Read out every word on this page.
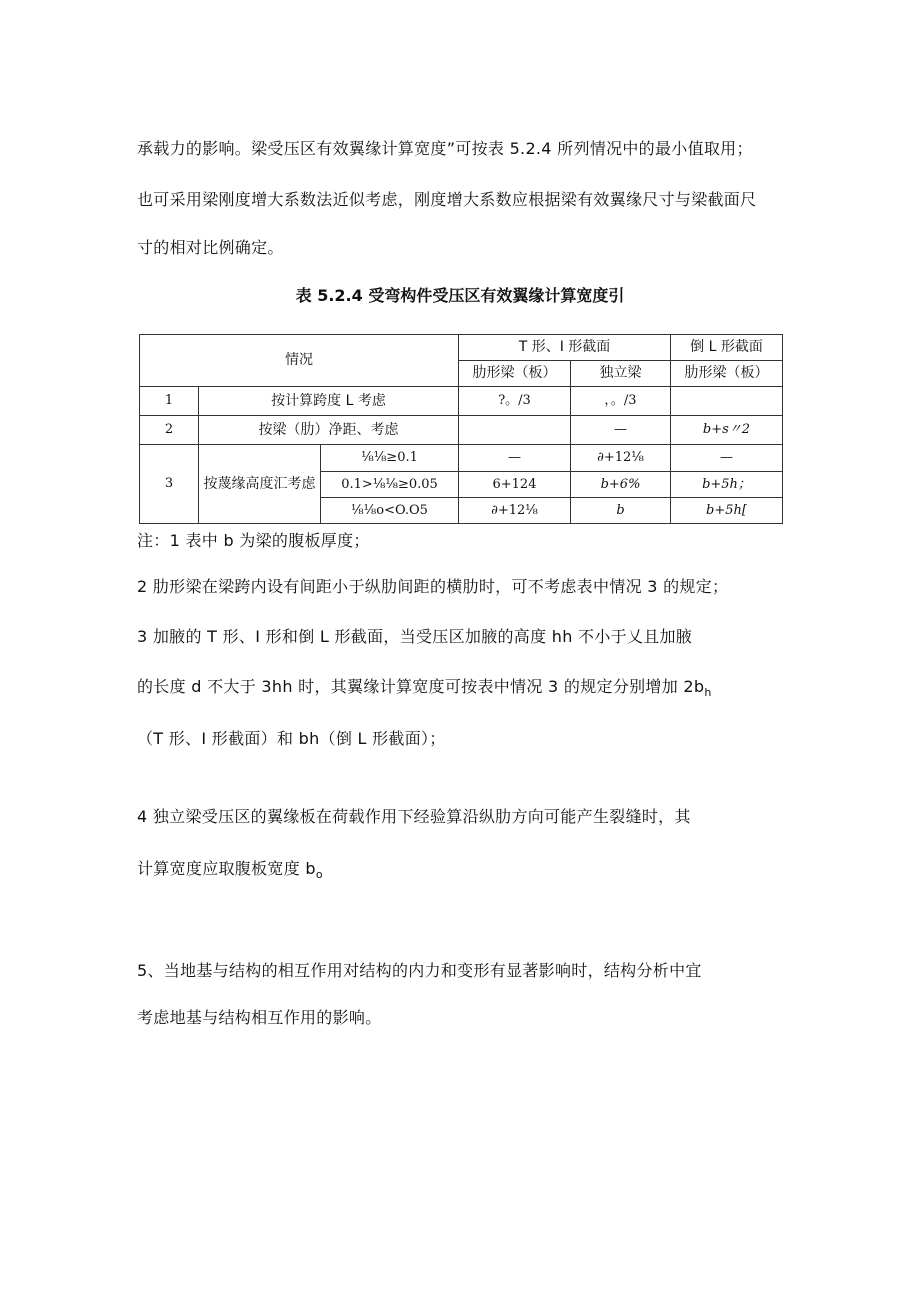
承载力的影响。梁受压区有效翼缘计算宽度”可按表 5.2.4 所列情况中的最小值取用；
也可采用梁刚度增大系数法近似考虑，刚度增大系数应根据梁有效翼缘尺寸与梁截面尺
寸的相对比例确定。
表 5.2.4 受弯构件受压区有效翼缘计算宽度引
情况			T 形、I 形截面		倒 L 形截面
			肋形梁（板）	独立梁	肋形梁（板）
1	按计算跨度 L 考虑		?。/3	，。/3	
2	按梁（肋）净距、考虑			—	b+s〃2
3	按蔑缘高度汇考虑	⅛⅛≥0.1	—	∂+12⅛	—
		0.1>⅛⅛≥0.05	6+124	b+6%	b+5h；
		⅛⅛o<O.O5	∂+12⅛	b	b+5h[
注：1 表中 b 为梁的腹板厚度；
2 肋形梁在梁跨内设有间距小于纵肋间距的横肋时，可不考虑表中情况 3 的规定；
3 加腋的 T 形、I 形和倒 L 形截面，当受压区加腋的高度 hh 不小于乂且加腋
的长度 d 不大于 3hh 时，其翼缘计算宽度可按表中情况 3 的规定分别增加 $2b_h$
（T 形、I 形截面）和 bh（倒 L 形截面）；
4 独立梁受压区的翼缘板在荷载作用下经验算沿纵肋方向可能产生裂缝时，其
计算宽度应取腹板宽度 $b_o$
5、当地基与结构的相互作用对结构的内力和变形有显著影响时，结构分析中宜
考虑地基与结构相互作用的影响。
